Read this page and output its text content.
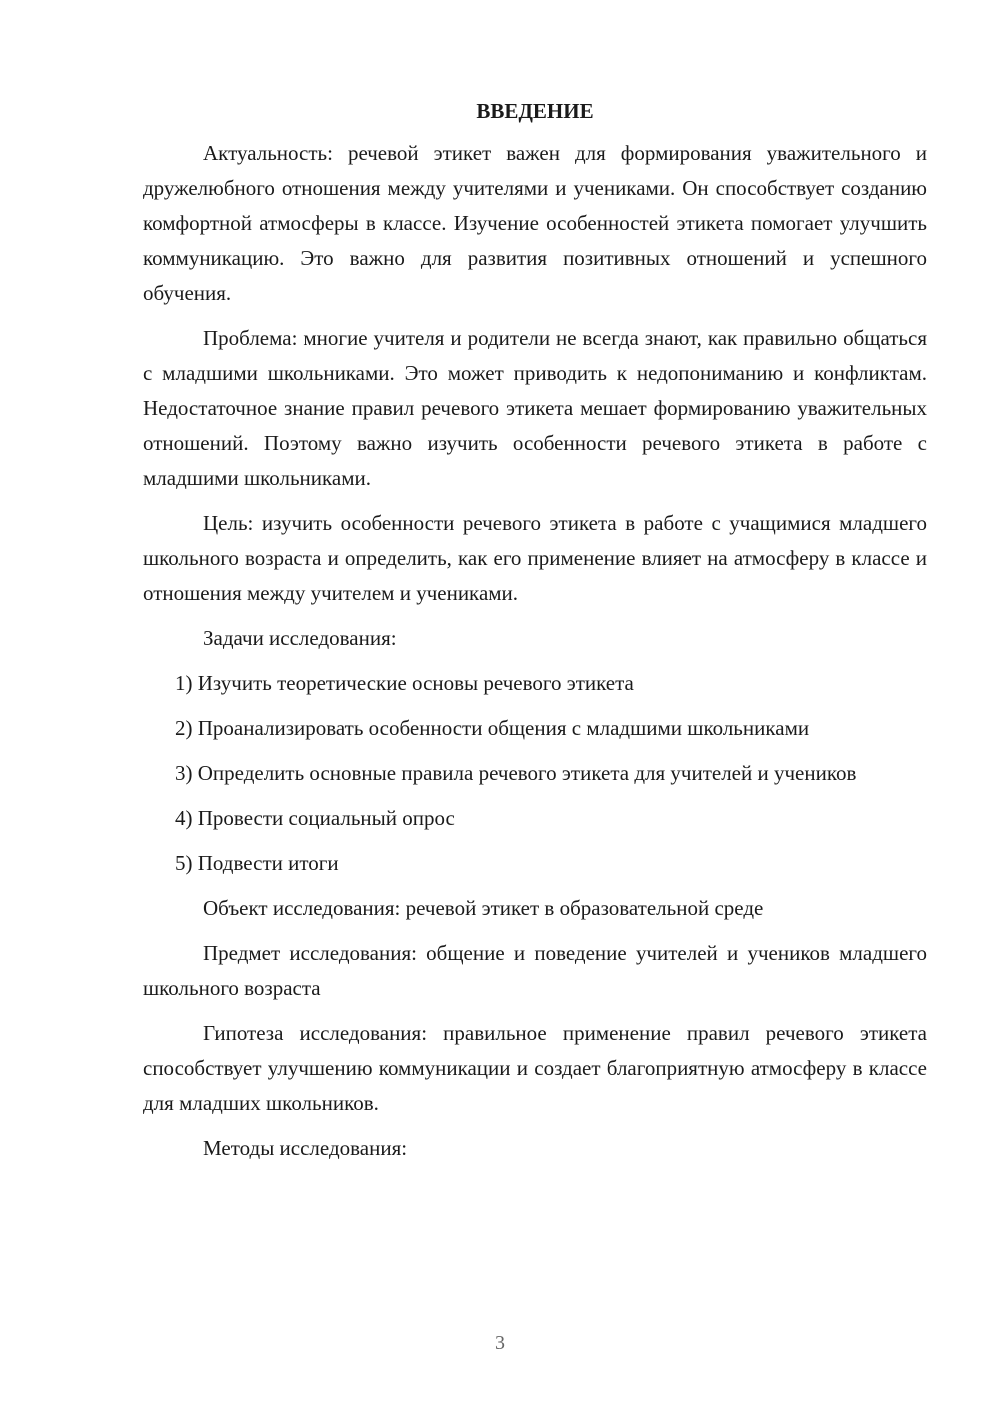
ВВЕДЕНИЕ

Актуальность: речевой этикет важен для формирования уважительного и дружелюбного отношения между учителями и учениками. Он способствует созданию комфортной атмосферы в классе. Изучение особенностей этикета помогает улучшить коммуникацию. Это важно для развития позитивных отношений и успешного обучения.

Проблема: многие учителя и родители не всегда знают, как правильно общаться с младшими школьниками. Это может приводить к недопониманию и конфликтам. Недостаточное знание правил речевого этикета мешает формированию уважительных отношений. Поэтому важно изучить особенности речевого этикета в работе с младшими школьниками.

Цель: изучить особенности речевого этикета в работе с учащимися младшего школьного возраста и определить, как его применение влияет на атмосферу в классе и отношения между учителем и учениками.

Задачи исследования:

1) Изучить теоретические основы речевого этикета

2) Проанализировать особенности общения с младшими школьниками

3) Определить основные правила речевого этикета для учителей и учеников

4) Провести социальный опрос

5) Подвести итоги

Объект исследования: речевой этикет в образовательной среде

Предмет исследования: общение и поведение учителей и учеников младшего школьного возраста

Гипотеза исследования: правильное применение правил речевого этикета способствует улучшению коммуникации и создает благоприятную атмосферу в классе для младших школьников.

Методы исследования:

3
